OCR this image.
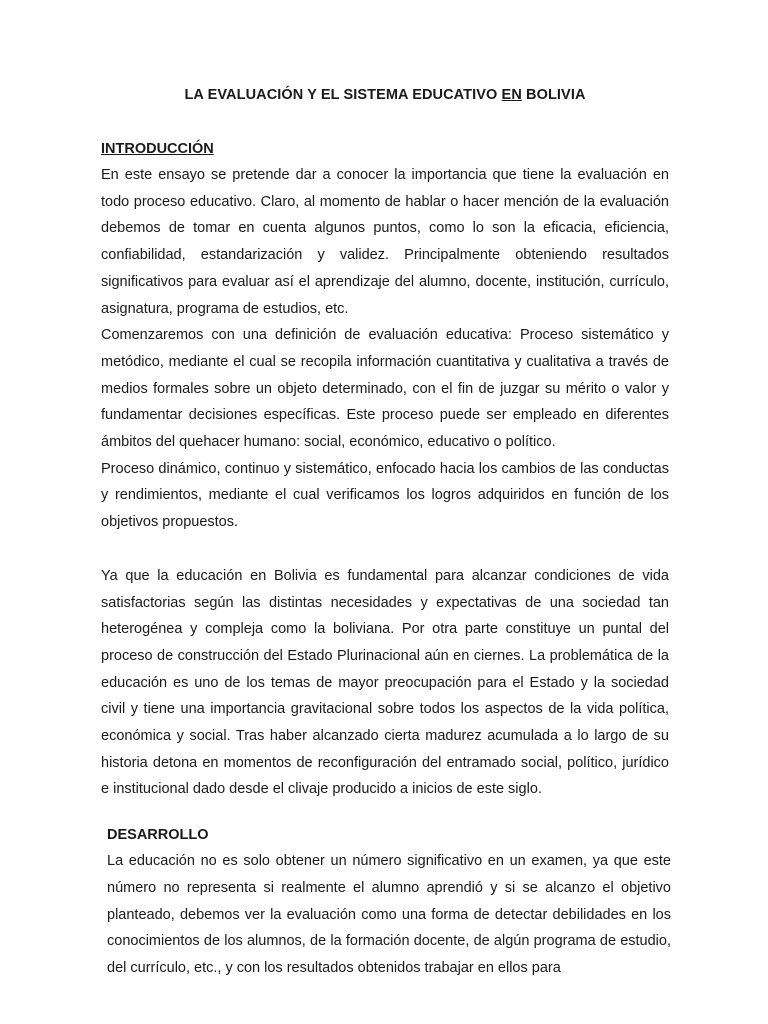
LA EVALUACIÓN Y EL SISTEMA EDUCATIVO EN BOLIVIA
INTRODUCCIÓN

En este ensayo se pretende dar a conocer la importancia que tiene la evaluación en todo proceso educativo. Claro, al momento de hablar o hacer mención de la evaluación debemos de tomar en cuenta algunos puntos, como lo son la eficacia, eficiencia, confiabilidad, estandarización y validez. Principalmente obteniendo resultados significativos para evaluar así el aprendizaje del alumno, docente, institución, currículo, asignatura, programa de estudios, etc.

Comenzaremos con una definición de evaluación educativa: Proceso sistemático y metódico, mediante el cual se recopila información cuantitativa y cualitativa a través de medios formales sobre un objeto determinado, con el fin de juzgar su mérito o valor y fundamentar decisiones específicas. Este proceso puede ser empleado en diferentes ámbitos del quehacer humano: social, económico, educativo o político.

Proceso dinámico, continuo y sistemático, enfocado hacia los cambios de las conductas y rendimientos, mediante el cual verificamos los logros adquiridos en función de los objetivos propuestos.

Ya que la educación en Bolivia es fundamental para alcanzar condiciones de vida satisfactorias según las distintas necesidades y expectativas de una sociedad tan heterogénea y compleja como la boliviana. Por otra parte constituye un puntal del proceso de construcción del Estado Plurinacional aún en ciernes. La problemática de la educación es uno de los temas de mayor preocupación para el Estado y la sociedad civil y tiene una importancia gravitacional sobre todos los aspectos de la vida política, económica y social. Tras haber alcanzado cierta madurez acumulada a lo largo de su historia detona en momentos de reconfiguración del entramado social, político, jurídico e institucional dado desde el clivaje producido a inicios de este siglo.

DESARROLLO

La educación no es solo obtener un número significativo en un examen, ya que este número no representa si realmente el alumno aprendió y si se alcanzo el objetivo planteado, debemos ver la evaluación como una forma de detectar debilidades en los conocimientos de los alumnos, de la formación docente, de algún programa de estudio, del currículo, etc., y con los resultados obtenidos trabajar en ellos para
